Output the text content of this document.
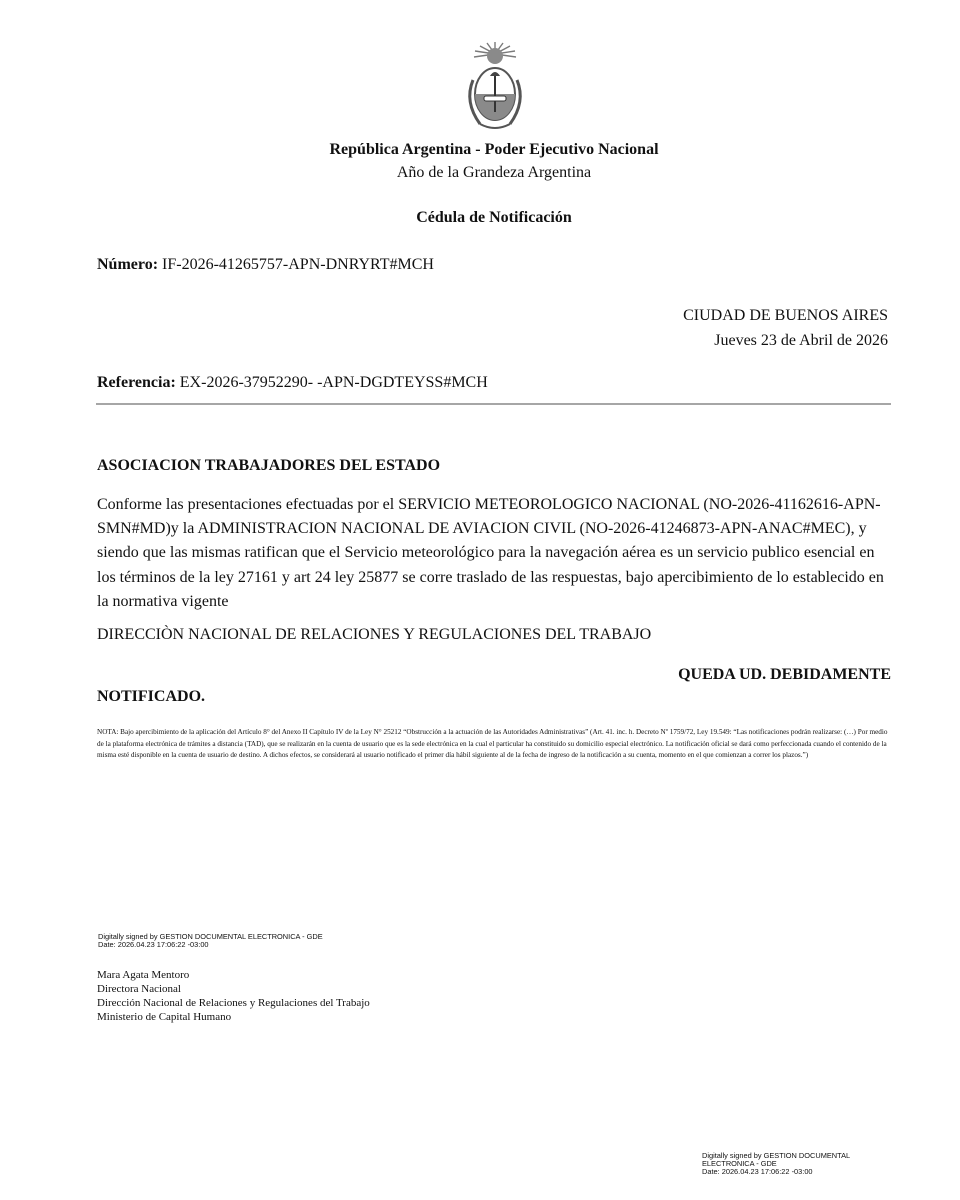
República Argentina - Poder Ejecutivo Nacional
Año de la Grandeza Argentina
Cédula de Notificación
Número: IF-2026-41265757-APN-DNRYRT#MCH
CIUDAD DE BUENOS AIRES
Jueves 23 de Abril de 2026
Referencia: EX-2026-37952290- -APN-DGDTEYSS#MCH
ASOCIACION TRABAJADORES DEL ESTADO
Conforme las presentaciones efectuadas por el SERVICIO METEOROLOGICO NACIONAL (NO-2026-41162616-APN-SMN#MD)y la ADMINISTRACION NACIONAL DE AVIACION CIVIL (NO-2026-41246873-APN-ANAC#MEC), y siendo que las mismas ratifican que el Servicio meteorológico para la navegación aérea es un servicio publico esencial en los términos de la ley 27161 y art 24 ley 25877 se corre traslado de las respuestas, bajo apercibimiento de lo establecido en la normativa vigente
DIRECCIÒN NACIONAL DE RELACIONES Y REGULACIONES DEL TRABAJO
QUEDA UD. DEBIDAMENTE
NOTIFICADO.
NOTA: Bajo apercibimiento de la aplicación del Artículo 8° del Anexo II Capítulo IV de la Ley N° 25212 “Obstrucción a la actuación de las Autoridades Administrativas” (Art. 41. inc. h. Decreto Nº 1759/72, Ley 19.549: “Las notificaciones podrán realizarse: (…) Por medio de la plataforma electrónica de trámites a distancia (TAD), que se realizarán en la cuenta de usuario que es la sede electrónica en la cual el particular ha constituido su domicilio especial electrónico. La notificación oficial se dará como perfeccionada cuando el contenido de la misma esté disponible en la cuenta de usuario de destino. A dichos efectos, se considerará al usuario notificado el primer día hábil siguiente al de la fecha de ingreso de la notificación a su cuenta, momento en el que comienzan a correr los plazos.”)
Digitally signed by GESTION DOCUMENTAL ELECTRONICA - GDE
Date: 2026.04.23 17:06:22 -03:00
Mara Agata Mentoro
Directora Nacional
Dirección Nacional de Relaciones y Regulaciones del Trabajo
Ministerio de Capital Humano
Digitally signed by GESTION DOCUMENTAL
ELECTRONICA - GDE
Date: 2026.04.23 17:06:22 -03:00
